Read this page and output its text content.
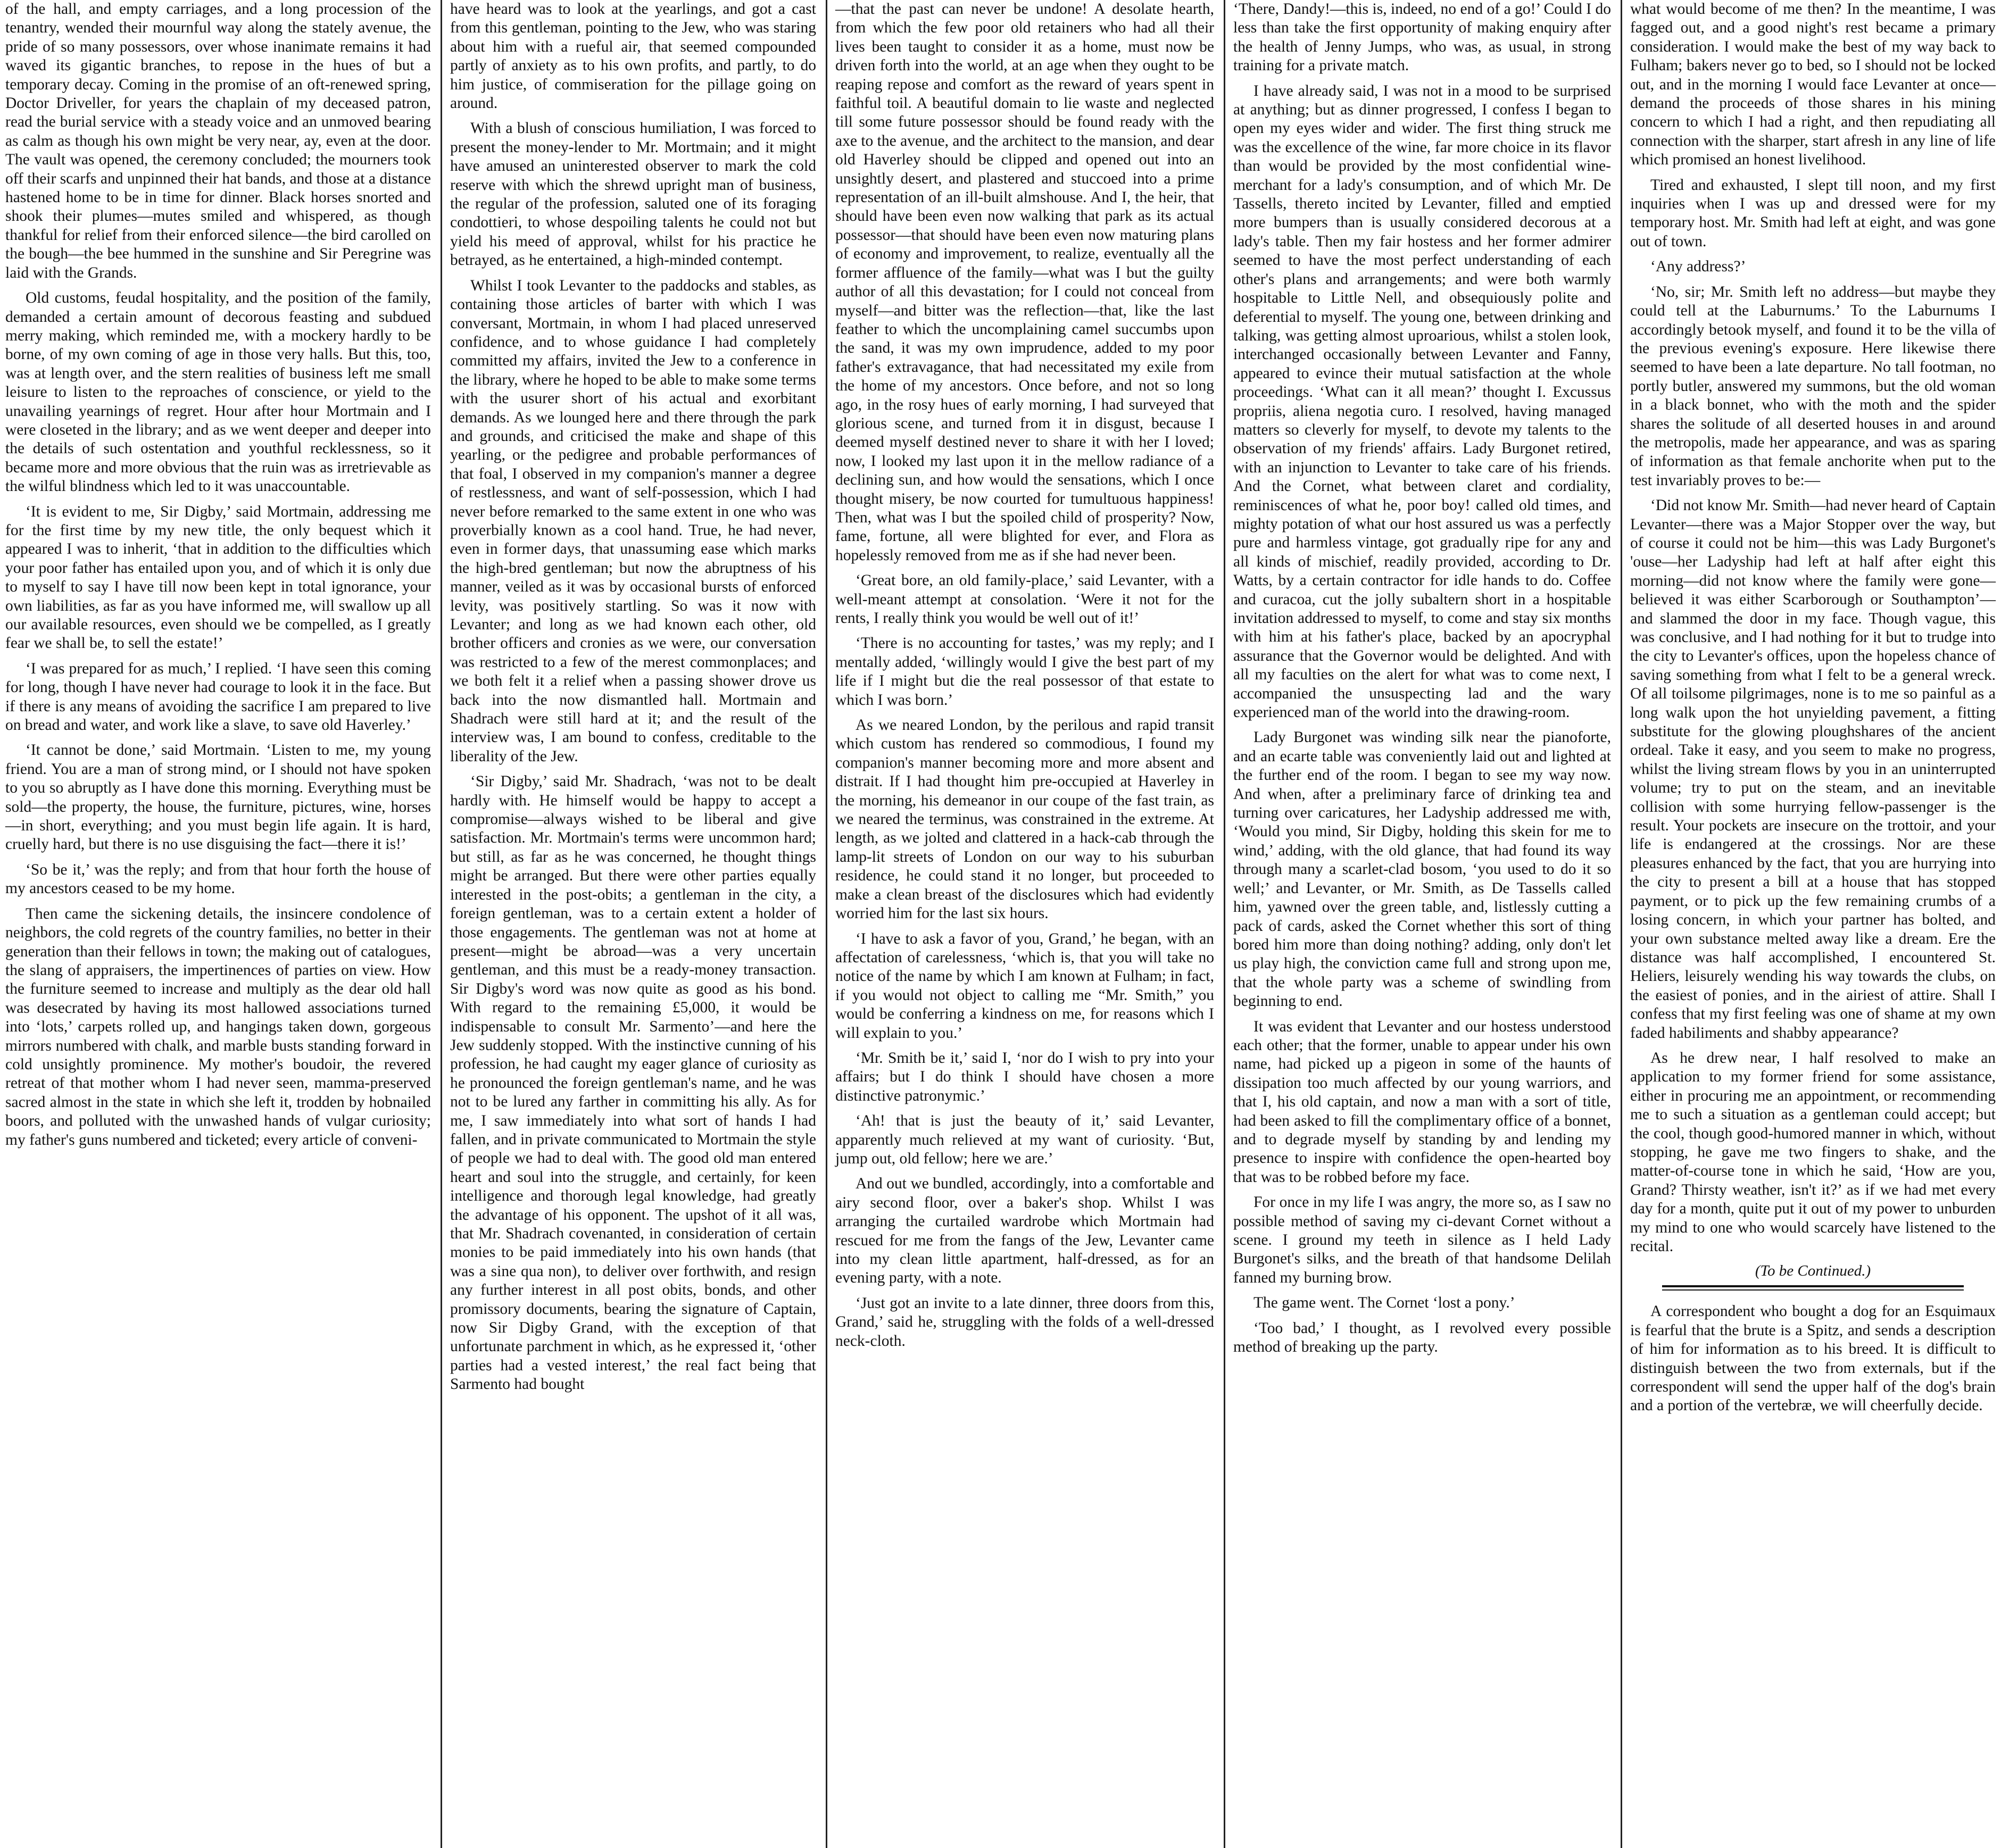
of the hall, and empty carriages, and a long procession of the tenantry, wended their mournful way along the stately avenue, the pride of so many possessors, over whose inanimate remains it had waved its gigantic branches, to repose in the hues of but a temporary decay. Coming in the promise of an oft-renewed spring, Doctor Driveller, for years the chaplain of my deceased patron, read the burial service with a steady voice and an unmoved bearing as calm as though his own might be very near, ay, even at the door. The vault was opened, the ceremony concluded; the mourners took off their scarfs and unpinned their hat bands, and those at a distance hastened home to be in time for dinner. Black horses snorted and shook their plumes—mutes smiled and whispered, as though thankful for relief from their enforced silence—the bird carolled on the bough—the bee hummed in the sunshine and Sir Peregrine was laid with the Grands.

Old customs, feudal hospitality, and the position of the family, demanded a certain amount of decorous feasting and subdued merry making, which reminded me, with a mockery hardly to be borne, of my own coming of age in those very halls. But this, too, was at length over, and the stern realities of business left me small leisure to listen to the reproaches of conscience, or yield to the unavailing yearnings of regret. Hour after hour Mortmain and I were closeted in the library; and as we went deeper and deeper into the details of such ostentation and youthful recklessness, so it became more and more obvious that the ruin was as irretrievable as the wilful blindness which led to it was unaccountable.

‘It is evident to me, Sir Digby,’ said Mortmain, addressing me for the first time by my new title, the only bequest which it appeared I was to inherit, ‘that in addition to the difficulties which your poor father has entailed upon you, and of which it is only due to myself to say I have till now been kept in total ignorance, your own liabilities, as far as you have informed me, will swallow up all our available resources, even should we be compelled, as I greatly fear we shall be, to sell the estate!’

‘I was prepared for as much,’ I replied. ‘I have seen this coming for long, though I have never had courage to look it in the face. But if there is any means of avoiding the sacrifice I am prepared to live on bread and water, and work like a slave, to save old Haverley.’

‘It cannot be done,’ said Mortmain. ‘Listen to me, my young friend. You are a man of strong mind, or I should not have spoken to you so abruptly as I have done this morning. Everything must be sold—the property, the house, the furniture, pictures, wine, horses—in short, everything; and you must begin life again. It is hard, cruelly hard, but there is no use disguising the fact—there it is!’

‘So be it,’ was the reply; and from that hour forth the house of my ancestors ceased to be my home.

Then came the sickening details, the insincere condolence of neighbors, the cold regrets of the country families, no better in their generation than their fellows in town; the making out of catalogues, the slang of appraisers, the impertinences of parties on view. How the furniture seemed to increase and multiply as the dear old hall was desecrated by having its most hallowed associations turned into ‘lots,’ carpets rolled up, and hangings taken down, gorgeous mirrors numbered with chalk, and marble busts standing forward in cold unsightly prominence. My mother's boudoir, the revered retreat of that mother whom I had never seen, mamma-preserved sacred almost in the state in which she left it, trodden by hobnailed boors, and polluted with the unwashed hands of vulgar curiosity; my father's guns numbered and ticketed; every article of conveni-

have heard was to look at the yearlings, and got a cast from this gentleman, pointing to the Jew, who was staring about him with a rueful air, that seemed compounded partly of anxiety as to his own profits, and partly, to do him justice, of commiseration for the pillage going on around.

With a blush of conscious humiliation, I was forced to present the money-lender to Mr. Mortmain; and it might have amused an uninterested observer to mark the cold reserve with which the shrewd upright man of business, the regular of the profession, saluted one of its foraging condottieri, to whose despoiling talents he could not but yield his meed of approval, whilst for his practice he betrayed, as he entertained, a high-minded contempt.

Whilst I took Levanter to the paddocks and stables, as containing those articles of barter with which I was conversant, Mortmain, in whom I had placed unreserved confidence, and to whose guidance I had completely committed my affairs, invited the Jew to a conference in the library, where he hoped to be able to make some terms with the usurer short of his actual and exorbitant demands. As we lounged here and there through the park and grounds, and criticised the make and shape of this yearling, or the pedigree and probable performances of that foal, I observed in my companion's manner a degree of restlessness, and want of self-possession, which I had never before remarked to the same extent in one who was proverbially known as a cool hand. True, he had never, even in former days, that unassuming ease which marks the high-bred gentleman; but now the abruptness of his manner, veiled as it was by occasional bursts of enforced levity, was positively startling. So was it now with Levanter; and long as we had known each other, old brother officers and cronies as we were, our conversation was restricted to a few of the merest commonplaces; and we both felt it a relief when a passing shower drove us back into the now dismantled hall. Mortmain and Shadrach were still hard at it; and the result of the interview was, I am bound to confess, creditable to the liberality of the Jew.

‘Sir Digby,’ said Mr. Shadrach, ‘was not to be dealt hardly with. He himself would be happy to accept a compromise—always wished to be liberal and give satisfaction. Mr. Mortmain's terms were uncommon hard; but still, as far as he was concerned, he thought things might be arranged. But there were other parties equally interested in the post-obits; a gentleman in the city, a foreign gentleman, was to a certain extent a holder of those engagements. The gentleman was not at home at present—might be abroad—was a very uncertain gentleman, and this must be a ready-money transaction. Sir Digby's word was now quite as good as his bond. With regard to the remaining £5,000, it would be indispensable to consult Mr. Sarmento’—and here the Jew suddenly stopped. With the instinctive cunning of his profession, he had caught my eager glance of curiosity as he pronounced the foreign gentleman's name, and he was not to be lured any farther in committing his ally. As for me, I saw immediately into what sort of hands I had fallen, and in private communicated to Mortmain the style of people we had to deal with. The good old man entered heart and soul into the struggle, and certainly, for keen intelligence and thorough legal knowledge, had greatly the advantage of his opponent. The upshot of it all was, that Mr. Shadrach covenanted, in consideration of certain monies to be paid immediately into his own hands (that was a sine qua non), to deliver over forthwith, and resign any further interest in all post obits, bonds, and other promissory documents, bearing the signature of Captain, now Sir Digby Grand, with the exception of that unfortunate parchment in which, as he expressed it, ‘other parties had a vested interest,’ the real fact being that Sarmento had bought

—that the past can never be undone! A desolate hearth, from which the few poor old retainers who had all their lives been taught to consider it as a home, must now be driven forth into the world, at an age when they ought to be reaping repose and comfort as the reward of years spent in faithful toil. A beautiful domain to lie waste and neglected till some future possessor should be found ready with the axe to the avenue, and the architect to the mansion, and dear old Haverley should be clipped and opened out into an unsightly desert, and plastered and stuccoed into a prime representation of an ill-built almshouse. And I, the heir, that should have been even now walking that park as its actual possessor—that should have been even now maturing plans of economy and improvement, to realize, eventually all the former affluence of the family—what was I but the guilty author of all this devastation; for I could not conceal from myself—and bitter was the reflection—that, like the last feather to which the uncomplaining camel succumbs upon the sand, it was my own imprudence, added to my poor father's extravagance, that had necessitated my exile from the home of my ancestors. Once before, and not so long ago, in the rosy hues of early morning, I had surveyed that glorious scene, and turned from it in disgust, because I deemed myself destined never to share it with her I loved; now, I looked my last upon it in the mellow radiance of a declining sun, and how would the sensations, which I once thought misery, be now courted for tumultuous happiness! Then, what was I but the spoiled child of prosperity? Now, fame, fortune, all were blighted for ever, and Flora as hopelessly removed from me as if she had never been.

‘Great bore, an old family-place,’ said Levanter, with a well-meant attempt at consolation. ‘Were it not for the rents, I really think you would be well out of it!’

‘There is no accounting for tastes,’ was my reply; and I mentally added, ‘willingly would I give the best part of my life if I might but die the real possessor of that estate to which I was born.’

As we neared London, by the perilous and rapid transit which custom has rendered so commodious, I found my companion's manner becoming more and more absent and distrait. If I had thought him pre-occupied at Haverley in the morning, his demeanor in our coupe of the fast train, as we neared the terminus, was constrained in the extreme. At length, as we jolted and clattered in a hack-cab through the lamp-lit streets of London on our way to his suburban residence, he could stand it no longer, but proceeded to make a clean breast of the disclosures which had evidently worried him for the last six hours.

‘I have to ask a favor of you, Grand,’ he began, with an affectation of carelessness, ‘which is, that you will take no notice of the name by which I am known at Fulham; in fact, if you would not object to calling me “Mr. Smith,” you would be conferring a kindness on me, for reasons which I will explain to you.’

‘Mr. Smith be it,’ said I, ‘nor do I wish to pry into your affairs; but I do think I should have chosen a more distinctive patronymic.’

‘Ah! that is just the beauty of it,’ said Levanter, apparently much relieved at my want of curiosity. ‘But, jump out, old fellow; here we are.’

And out we bundled, accordingly, into a comfortable and airy second floor, over a baker's shop. Whilst I was arranging the curtailed wardrobe which Mortmain had rescued for me from the fangs of the Jew, Levanter came into my clean little apartment, half-dressed, as for an evening party, with a note.

‘Just got an invite to a late dinner, three doors from this, Grand,’ said he, struggling with the folds of a well-dressed neck-cloth.

‘There, Dandy!—this is, indeed, no end of a go!’ Could I do less than take the first opportunity of making enquiry after the health of Jenny Jumps, who was, as usual, in strong training for a private match.

I have already said, I was not in a mood to be surprised at anything; but as dinner progressed, I confess I began to open my eyes wider and wider. The first thing struck me was the excellence of the wine, far more choice in its flavor than would be provided by the most confidential wine-merchant for a lady's consumption, and of which Mr. De Tassells, thereto incited by Levanter, filled and emptied more bumpers than is usually considered decorous at a lady's table. Then my fair hostess and her former admirer seemed to have the most perfect understanding of each other's plans and arrangements; and were both warmly hospitable to Little Nell, and obsequiously polite and deferential to myself. The young one, between drinking and talking, was getting almost uproarious, whilst a stolen look, interchanged occasionally between Levanter and Fanny, appeared to evince their mutual satisfaction at the whole proceedings. ‘What can it all mean?’ thought I. Excussus propriis, aliena negotia curo. I resolved, having managed matters so cleverly for myself, to devote my talents to the observation of my friends' affairs. Lady Burgonet retired, with an injunction to Levanter to take care of his friends. And the Cornet, what between claret and cordiality, reminiscences of what he, poor boy! called old times, and mighty potation of what our host assured us was a perfectly pure and harmless vintage, got gradually ripe for any and all kinds of mischief, readily provided, according to Dr. Watts, by a certain contractor for idle hands to do. Coffee and curacoa, cut the jolly subaltern short in a hospitable invitation addressed to myself, to come and stay six months with him at his father's place, backed by an apocryphal assurance that the Governor would be delighted. And with all my faculties on the alert for what was to come next, I accompanied the unsuspecting lad and the wary experienced man of the world into the drawing-room.

Lady Burgonet was winding silk near the pianoforte, and an ecarte table was conveniently laid out and lighted at the further end of the room. I began to see my way now. And when, after a preliminary farce of drinking tea and turning over caricatures, her Ladyship addressed me with, ‘Would you mind, Sir Digby, holding this skein for me to wind,’ adding, with the old glance, that had found its way through many a scarlet-clad bosom, ‘you used to do it so well;’ and Levanter, or Mr. Smith, as De Tassells called him, yawned over the green table, and, listlessly cutting a pack of cards, asked the Cornet whether this sort of thing bored him more than doing nothing? adding, only don't let us play high, the conviction came full and strong upon me, that the whole party was a scheme of swindling from beginning to end.

It was evident that Levanter and our hostess understood each other; that the former, unable to appear under his own name, had picked up a pigeon in some of the haunts of dissipation too much affected by our young warriors, and that I, his old captain, and now a man with a sort of title, had been asked to fill the complimentary office of a bonnet, and to degrade myself by standing by and lending my presence to inspire with confidence the open-hearted boy that was to be robbed before my face.

For once in my life I was angry, the more so, as I saw no possible method of saving my ci-devant Cornet without a scene. I ground my teeth in silence as I held Lady Burgonet's silks, and the breath of that handsome Delilah fanned my burning brow.

The game went. The Cornet ‘lost a pony.’

‘Too bad,’ I thought, as I revolved every possible method of breaking up the party.

what would become of me then? In the meantime, I was fagged out, and a good night's rest became a primary consideration. I would make the best of my way back to Fulham; bakers never go to bed, so I should not be locked out, and in the morning I would face Levanter at once—demand the proceeds of those shares in his mining concern to which I had a right, and then repudiating all connection with the sharper, start afresh in any line of life which promised an honest livelihood.

Tired and exhausted, I slept till noon, and my first inquiries when I was up and dressed were for my temporary host. Mr. Smith had left at eight, and was gone out of town.

‘Any address?’

‘No, sir; Mr. Smith left no address—but maybe they could tell at the Laburnums.’ To the Laburnums I accordingly betook myself, and found it to be the villa of the previous evening's exposure. Here likewise there seemed to have been a late departure. No tall footman, no portly butler, answered my summons, but the old woman in a black bonnet, who with the moth and the spider shares the solitude of all deserted houses in and around the metropolis, made her appearance, and was as sparing of information as that female anchorite when put to the test invariably proves to be:—

‘Did not know Mr. Smith—had never heard of Captain Levanter—there was a Major Stopper over the way, but of course it could not be him—this was Lady Burgonet's 'ouse—her Ladyship had left at half after eight this morning—did not know where the family were gone—believed it was either Scarborough or Southampton’—and slammed the door in my face. Though vague, this was conclusive, and I had nothing for it but to trudge into the city to Levanter's offices, upon the hopeless chance of saving something from what I felt to be a general wreck. Of all toilsome pilgrimages, none is to me so painful as a long walk upon the hot unyielding pavement, a fitting substitute for the glowing ploughshares of the ancient ordeal. Take it easy, and you seem to make no progress, whilst the living stream flows by you in an uninterrupted volume; try to put on the steam, and an inevitable collision with some hurrying fellow-passenger is the result. Your pockets are insecure on the trottoir, and your life is endangered at the crossings. Nor are these pleasures enhanced by the fact, that you are hurrying into the city to present a bill at a house that has stopped payment, or to pick up the few remaining crumbs of a losing concern, in which your partner has bolted, and your own substance melted away like a dream. Ere the distance was half accomplished, I encountered St. Heliers, leisurely wending his way towards the clubs, on the easiest of ponies, and in the airiest of attire. Shall I confess that my first feeling was one of shame at my own faded habiliments and shabby appearance?

As he drew near, I half resolved to make an application to my former friend for some assistance, either in procuring me an appointment, or recommending me to such a situation as a gentleman could accept; but the cool, though good-humored manner in which, without stopping, he gave me two fingers to shake, and the matter-of-course tone in which he said, ‘How are you, Grand? Thirsty weather, isn't it?’ as if we had met every day for a month, quite put it out of my power to unburden my mind to one who would scarcely have listened to the recital.

(To be Continued.)

A correspondent who bought a dog for an Esquimaux is fearful that the brute is a Spitz, and sends a description of him for information as to his breed. It is difficult to distinguish between the two from externals, but if the correspondent will send the upper half of the dog's brain and a portion of the vertebræ, we will cheerfully decide.
